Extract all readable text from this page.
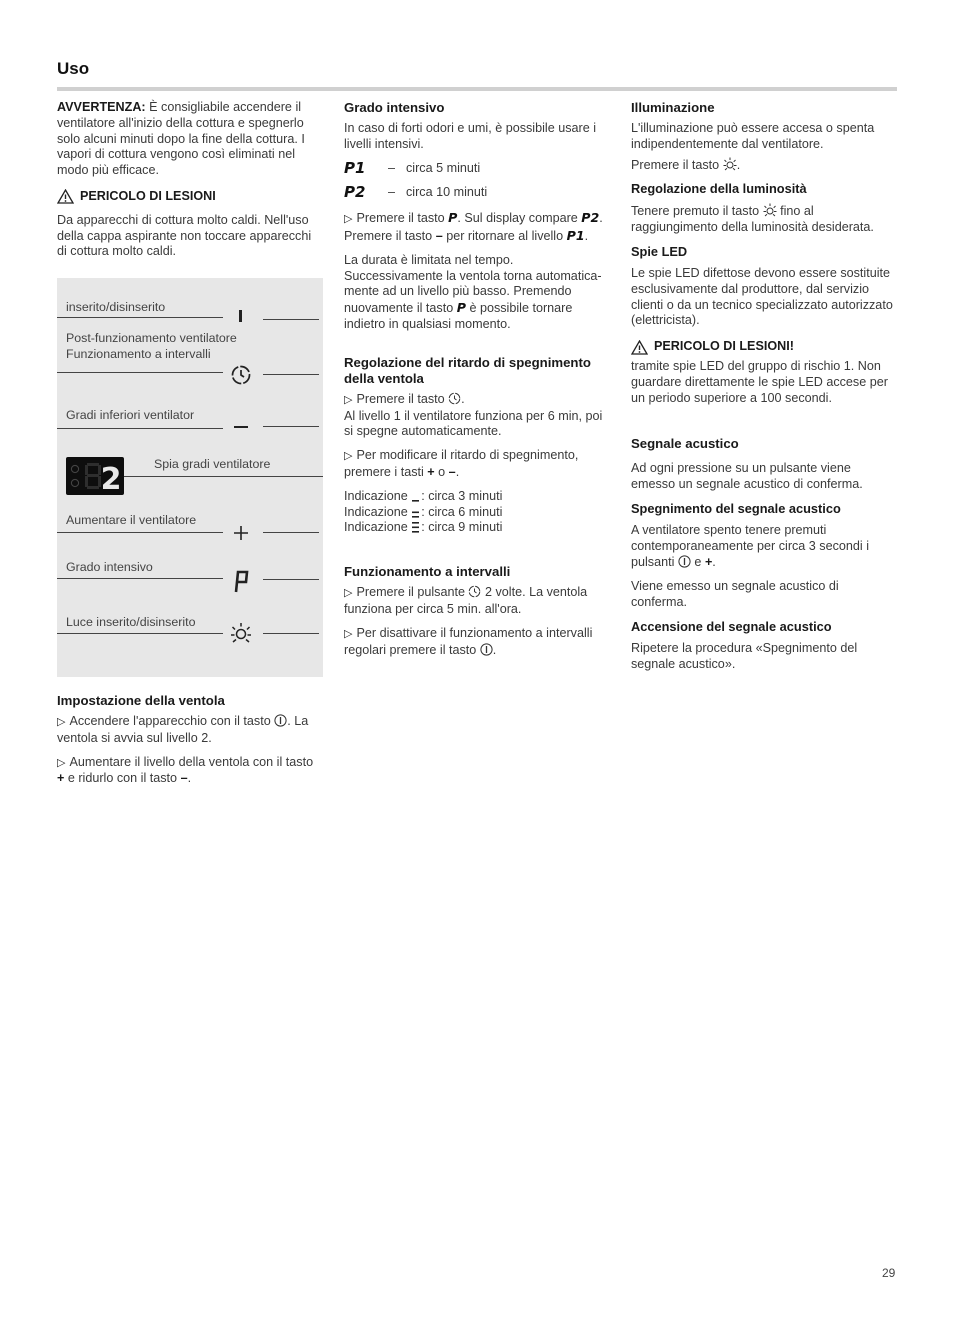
Uso

AVVERTENZA: È consigliabile accendere il ventilatore all'inizio della cottura e spegnerlo solo alcuni minuti dopo la fine della cottura. I vapori di cottura vengono così eliminati nel modo più efficace.

PERICOLO DI LESIONI

Da apparecchi di cottura molto caldi. Nell'uso della cappa aspirante non toccare apparecchi di cottura molto caldi.

inserito/disinserito
Post-funzionamento ventilatore
Funzionamento a intervalli
Gradi inferiori ventilator
2	Spia gradi ventilatore
Aumentare il ventilatore
Grado intensivo
Luce inserito/disinserito
Impostazione della ventola

▷ Accendere l'apparecchio con il tasto . La ventola si avvia sul livello 2.

▷ Aumentare il livello della ventola con il tasto + e ridurlo con il tasto –.

Grado intensivo

In caso di forti odori e umi, è possibile usare i livelli intensivi.

P1	– circa 5 minuti
P2	– circa 10 minuti

▷ Premere il tasto P. Sul display compare P2. Premere il tasto – per ritornare al livello P1.

La durata è limitata nel tempo. Successivamente la ventola torna automatica- mente ad un livello più basso. Premendo nuovamente il tasto P è possibile tornare indietro in qualsiasi momento.

Regolazione del ritardo di spegnimento della ventola

▷ Premere il tasto .
Al livello 1 il ventilatore funziona per 6 min, poi si spegne automaticamente.

▷ Per modificare il ritardo di spegnimento, premere i tasti + o –.

Indicazione : circa 3 minuti
Indicazione : circa 6 minuti
Indicazione : circa 9 minuti

Funzionamento a intervalli

▷ Premere il pulsante 2 volte. La ventola funziona per circa 5 min. all'ora.

▷ Per disattivare il funzionamento a intervalli regolari premere il tasto .

Illuminazione

L'illuminazione può essere accesa o spenta indipendentemente dal ventilatore.

Premere il tasto .

Regolazione della luminosità

Tenere premuto il tasto fino al raggiungimento della luminosità desiderata.

Spie LED

Le spie LED difettose devono essere sostituite esclusivamente dal produttore, dal servizio clienti o da un tecnico specializzato autorizzato (elettricista).

PERICOLO DI LESIONI!

tramite spie LED del gruppo di rischio 1. Non guardare direttamente le spie LED accese per un periodo superiore a 100 secondi.

Segnale acustico

Ad ogni pressione su un pulsante viene emesso un segnale acustico di conferma.

Spegnimento del segnale acustico

A ventilatore spento tenere premuti contemporaneamente per circa 3 secondi i pulsanti e +.

Viene emesso un segnale acustico di conferma.

Accensione del segnale acustico

Ripetere la procedura «Spegnimento del segnale acustico».

29
